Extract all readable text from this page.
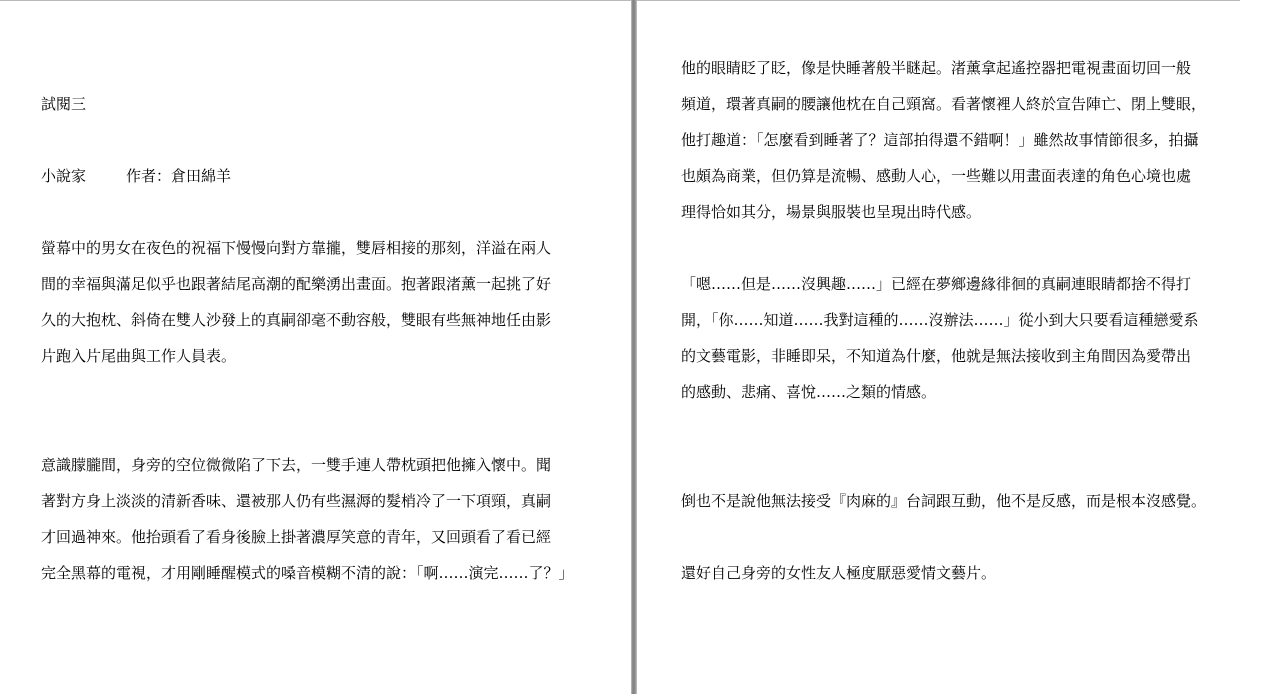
試閱三
小說家	作者：倉田綿羊
螢幕中的男女在夜色的祝福下慢慢向對方靠攏，雙唇相接的那刻，洋溢在兩人
間的幸福與滿足似乎也跟著結尾高潮的配樂湧出畫面。抱著跟渚薰一起挑了好
久的大抱枕、斜倚在雙人沙發上的真嗣卻毫不動容般，雙眼有些無神地任由影
片跑入片尾曲與工作人員表。
意識朦朧間，身旁的空位微微陷了下去，一雙手連人帶枕頭把他擁入懷中。聞
著對方身上淡淡的清新香味、還被那人仍有些濕溽的髮梢冷了一下項頸，真嗣
才回過神來。他抬頭看了看身後臉上掛著濃厚笑意的青年，又回頭看了看已經
完全黑幕的電視，才用剛睡醒模式的嗓音模糊不清的說：「啊……演完……了？」
他的眼睛眨了眨，像是快睡著般半瞇起。渚薰拿起遙控器把電視畫面切回一般
頻道，環著真嗣的腰讓他枕在自己頸窩。看著懷裡人終於宣告陣亡、閉上雙眼，
他打趣道：「怎麼看到睡著了？這部拍得還不錯啊！」雖然故事情節很多，拍攝
也頗為商業，但仍算是流暢、感動人心，一些難以用畫面表達的角色心境也處
理得恰如其分，場景與服裝也呈現出時代感。
「嗯……但是……沒興趣……」已經在夢鄉邊緣徘徊的真嗣連眼睛都捨不得打
開，「你……知道……我對這種的……沒辦法……」從小到大只要看這種戀愛系
的文藝電影，非睡即呆，不知道為什麼，他就是無法接收到主角間因為愛帶出
的感動、悲痛、喜悅……之類的情感。
倒也不是說他無法接受『肉麻的』台詞跟互動，他不是反感，而是根本沒感覺。
還好自己身旁的女性友人極度厭惡愛情文藝片。
